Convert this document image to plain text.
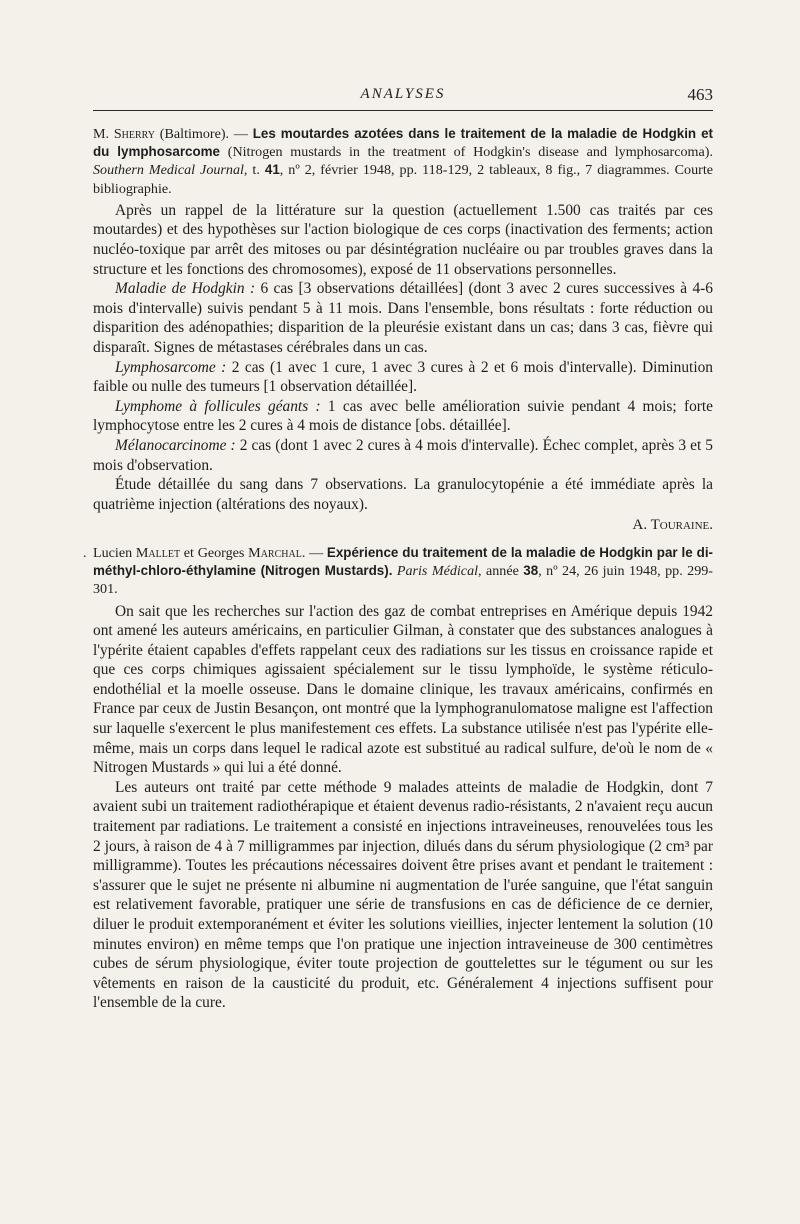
ANALYSES	463
M. Sherry (Baltimore). — Les moutardes azotées dans le traitement de la maladie de Hodgkin et du lymphosarcome (Nitrogen mustards in the treatment of Hodgkin's disease and lymphosarcoma). Southern Medical Journal, t. 41, nº 2, février 1948, pp. 118-129, 2 tableaux, 8 fig., 7 diagrammes. Courte bibliographie.

Après un rappel de la littérature sur la question (actuellement 1.500 cas traités par ces moutardes) et des hypothèses sur l'action biologique de ces corps (inactivation des ferments; action nucléo-toxique par arrêt des mitoses ou par désintégration nucléaire ou par troubles graves dans la structure et les fonctions des chromosomes), exposé de 11 observations personnelles.

Maladie de Hodgkin : 6 cas [3 observations détaillées] (dont 3 avec 2 cures successives à 4-6 mois d'intervalle) suivis pendant 5 à 11 mois. Dans l'ensemble, bons résultats : forte réduction ou disparition des adénopathies; disparition de la pleurésie existant dans un cas; dans 3 cas, fièvre qui disparaît. Signes de métastases cérébrales dans un cas.

Lymphosarcome : 2 cas (1 avec 1 cure, 1 avec 3 cures à 2 et 6 mois d'intervalle). Diminution faible ou nulle des tumeurs [1 observation détaillée].

Lymphome à follicules géants : 1 cas avec belle amélioration suivie pendant 4 mois; forte lymphocytose entre les 2 cures à 4 mois de distance [obs. détaillée].

Mélanocarcinome : 2 cas (dont 1 avec 2 cures à 4 mois d'intervalle). Échec complet, après 3 et 5 mois d'observation.

Étude détaillée du sang dans 7 observations. La granulocytopénie a été immédiate après la quatrième injection (altérations des noyaux).

A. Touraine.
. Lucien Mallet et Georges Marchal. — Expérience du traitement de la maladie de Hodgkin par le di-méthyl-chloro-éthylamine (Nitrogen Mustards). Paris Médical, année 38, nº 24, 26 juin 1948, pp. 299-301.

On sait que les recherches sur l'action des gaz de combat entreprises en Amérique depuis 1942 ont amené les auteurs américains, en particulier Gilman, à constater que des substances analogues à l'ypérite étaient capables d'effets rappelant ceux des radiations sur les tissus en croissance rapide et que ces corps chimiques agissaient spécialement sur le tissu lymphoïde, le système réticulo-endothélial et la moelle osseuse. Dans le domaine clinique, les travaux américains, confirmés en France par ceux de Justin Besançon, ont montré que la lymphogranulomatose maligne est l'affection sur laquelle s'exercent le plus manifestement ces effets. La substance utilisée n'est pas l'ypérite elle-même, mais un corps dans lequel le radical azote est substitué au radical sulfure, de'où le nom de « Nitrogen Mustards » qui lui a été donné.

Les auteurs ont traité par cette méthode 9 malades atteints de maladie de Hodgkin, dont 7 avaient subi un traitement radiothérapique et étaient devenus radio-résistants, 2 n'avaient reçu aucun traitement par radiations. Le traitement a consisté en injections intraveineuses, renouvelées tous les 2 jours, à raison de 4 à 7 milligrammes par injection, dilués dans du sérum physiologique (2 cm³ par milligramme). Toutes les précautions nécessaires doivent être prises avant et pendant le traitement : s'assurer que le sujet ne présente ni albumine ni augmentation de l'urée sanguine, que l'état sanguin est relativement favorable, pratiquer une série de transfusions en cas de déficience de ce dernier, diluer le produit extemporanément et éviter les solutions vieillies, injecter lentement la solution (10 minutes environ) en même temps que l'on pratique une injection intraveineuse de 300 centimètres cubes de sérum physiologique, éviter toute projection de gouttelettes sur le tégument ou sur les vêtements en raison de la causticité du produit, etc. Généralement 4 injections suffisent pour l'ensemble de la cure.
